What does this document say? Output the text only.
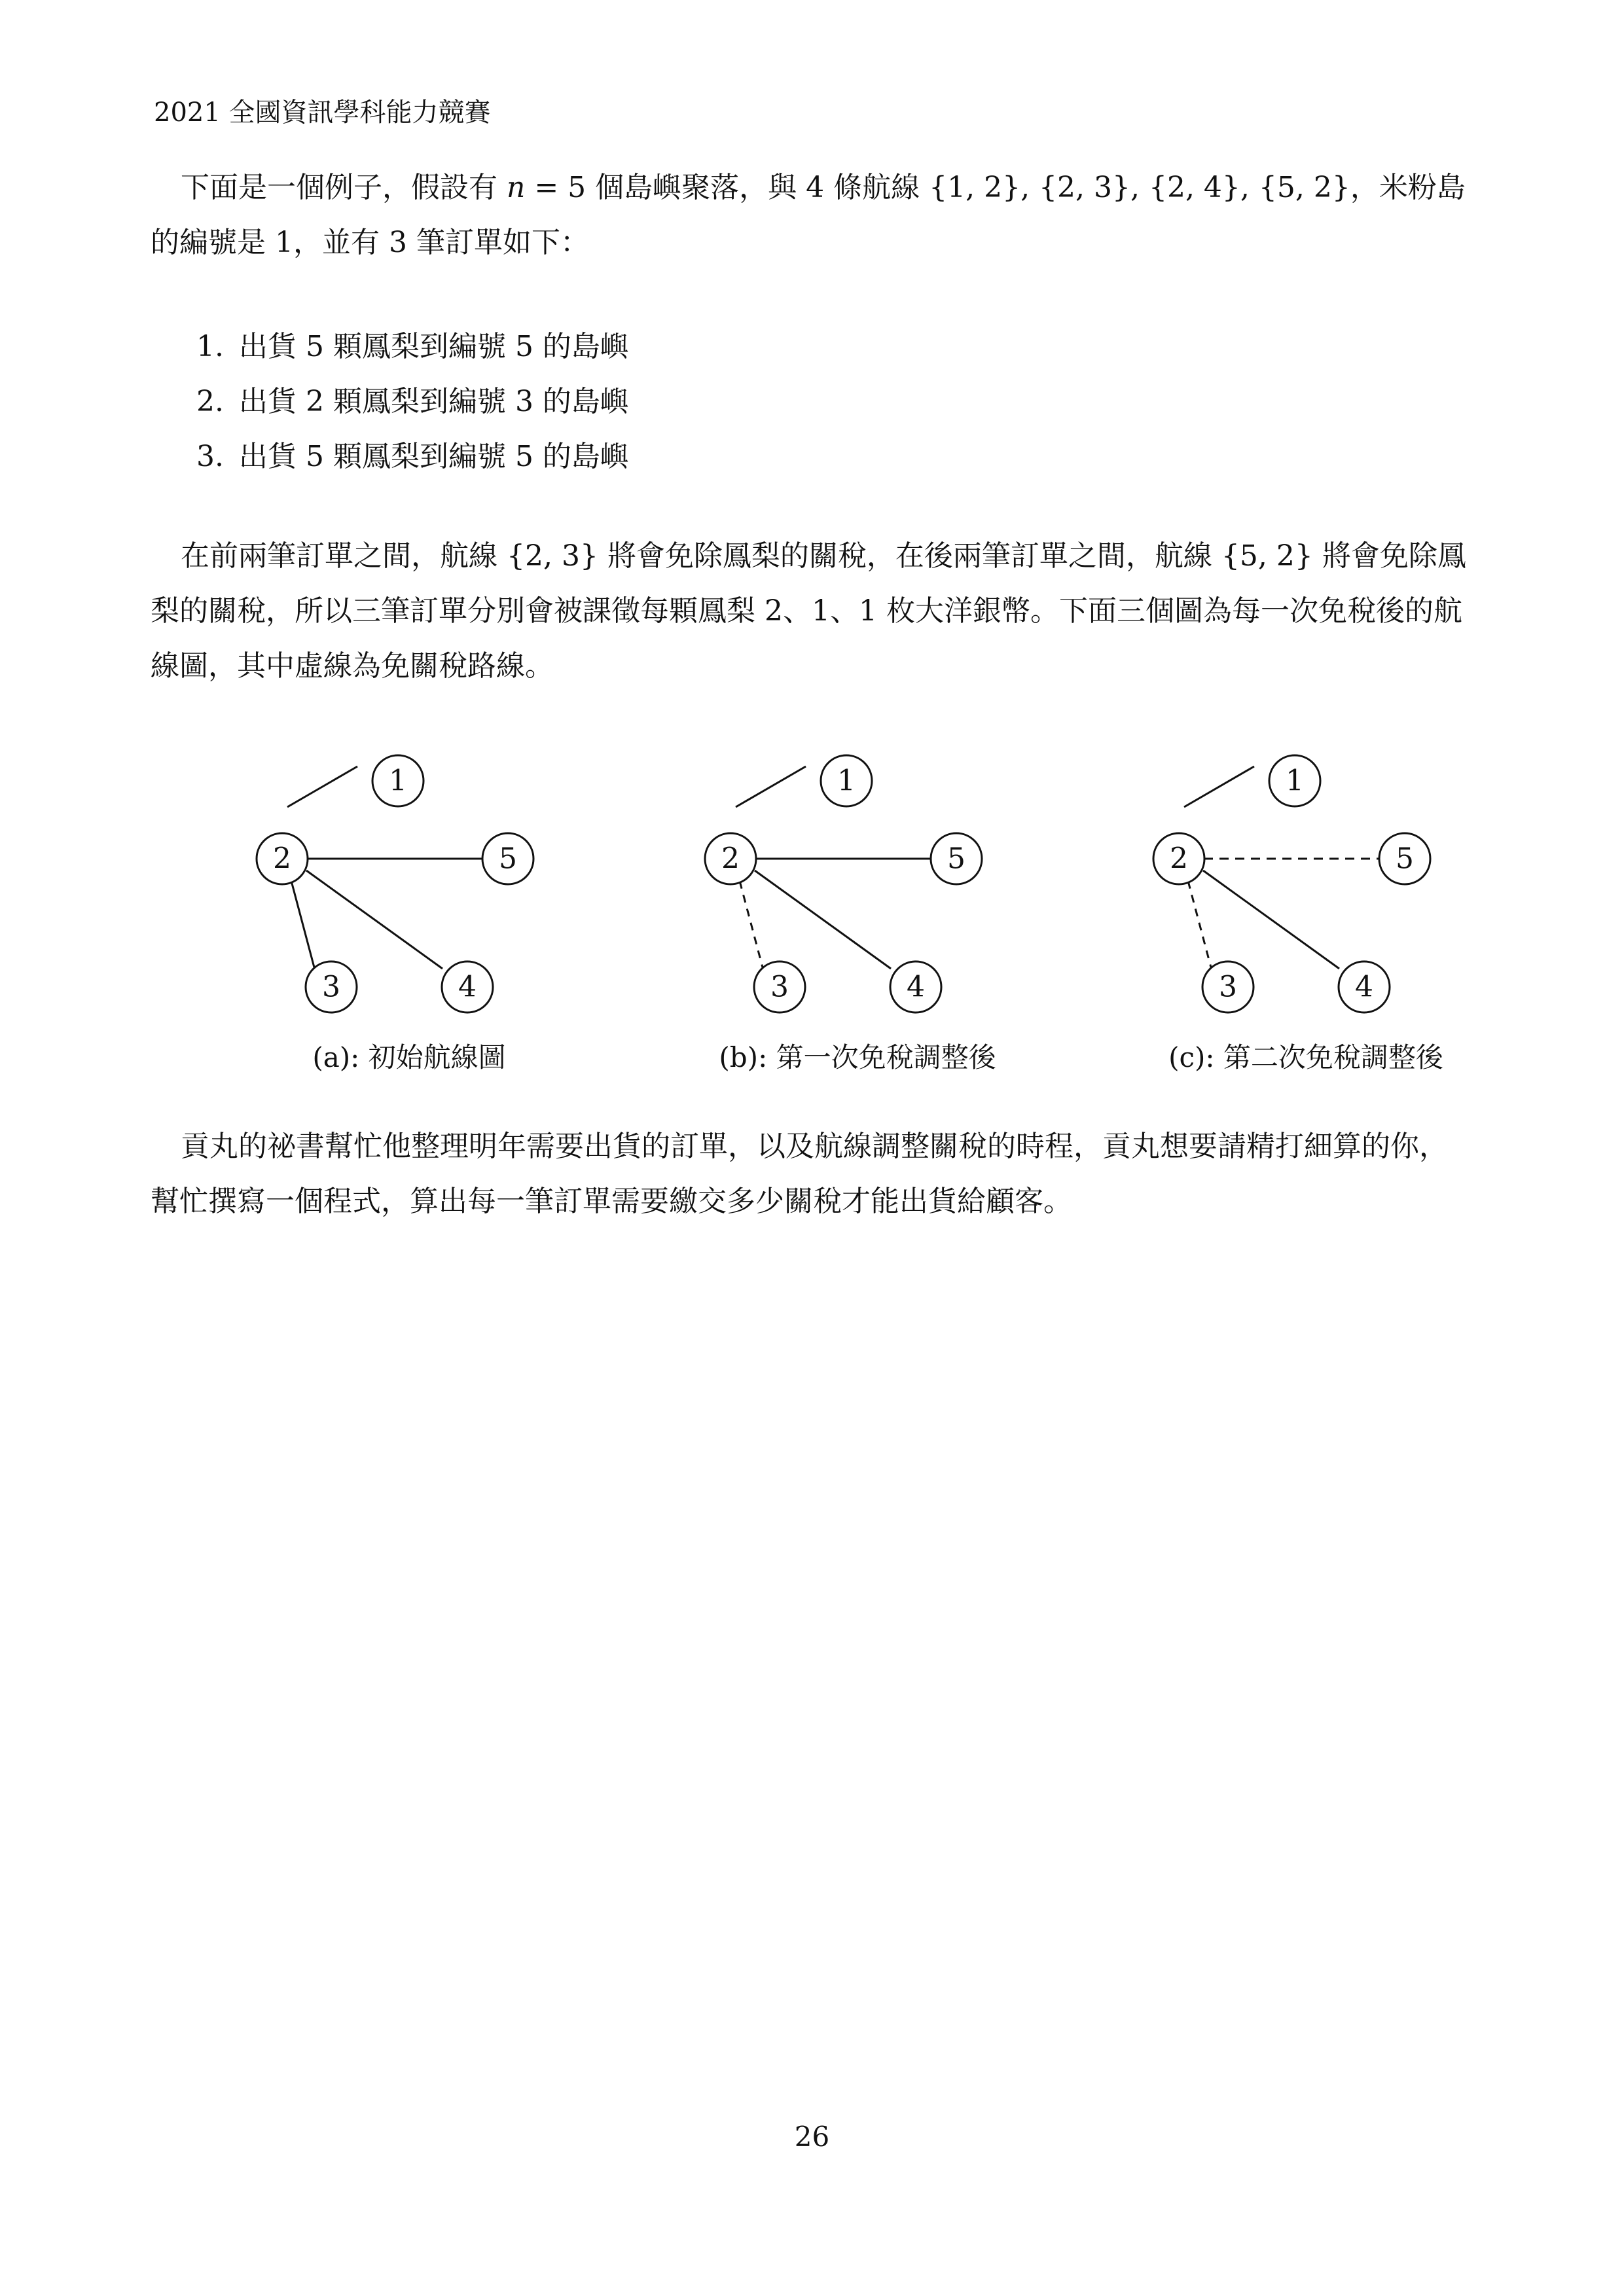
2021 全國資訊學科能力競賽

下面是一個例子，假設有 n = 5 個島嶼聚落，與 4 條航線 {1, 2}, {2, 3}, {2, 4}, {5, 2}，米粉島的編號是 1，並有 3 筆訂單如下：

1. 出貨 5 顆鳳梨到編號 5 的島嶼
2. 出貨 2 顆鳳梨到編號 3 的島嶼
3. 出貨 5 顆鳳梨到編號 5 的島嶼

在前兩筆訂單之間，航線 {2, 3} 將會免除鳳梨的關稅，在後兩筆訂單之間，航線 {5, 2} 將會免除鳳梨的關稅，所以三筆訂單分別會被課徵每顆鳳梨 2、1、1 枚大洋銀幣。下面三個圖為每一次免稅後的航線圖，其中虛線為免關稅路線。

1
2	5
3	4
1
2	5
3	4
1
2	5
3	4
(a): 初始航線圖	(b): 第一次免稅調整後	(c): 第二次免稅調整後

貢丸的祕書幫忙他整理明年需要出貨的訂單，以及航線調整關稅的時程，貢丸想要請精打細算的你，幫忙撰寫一個程式，算出每一筆訂單需要繳交多少關稅才能出貨給顧客。

26
